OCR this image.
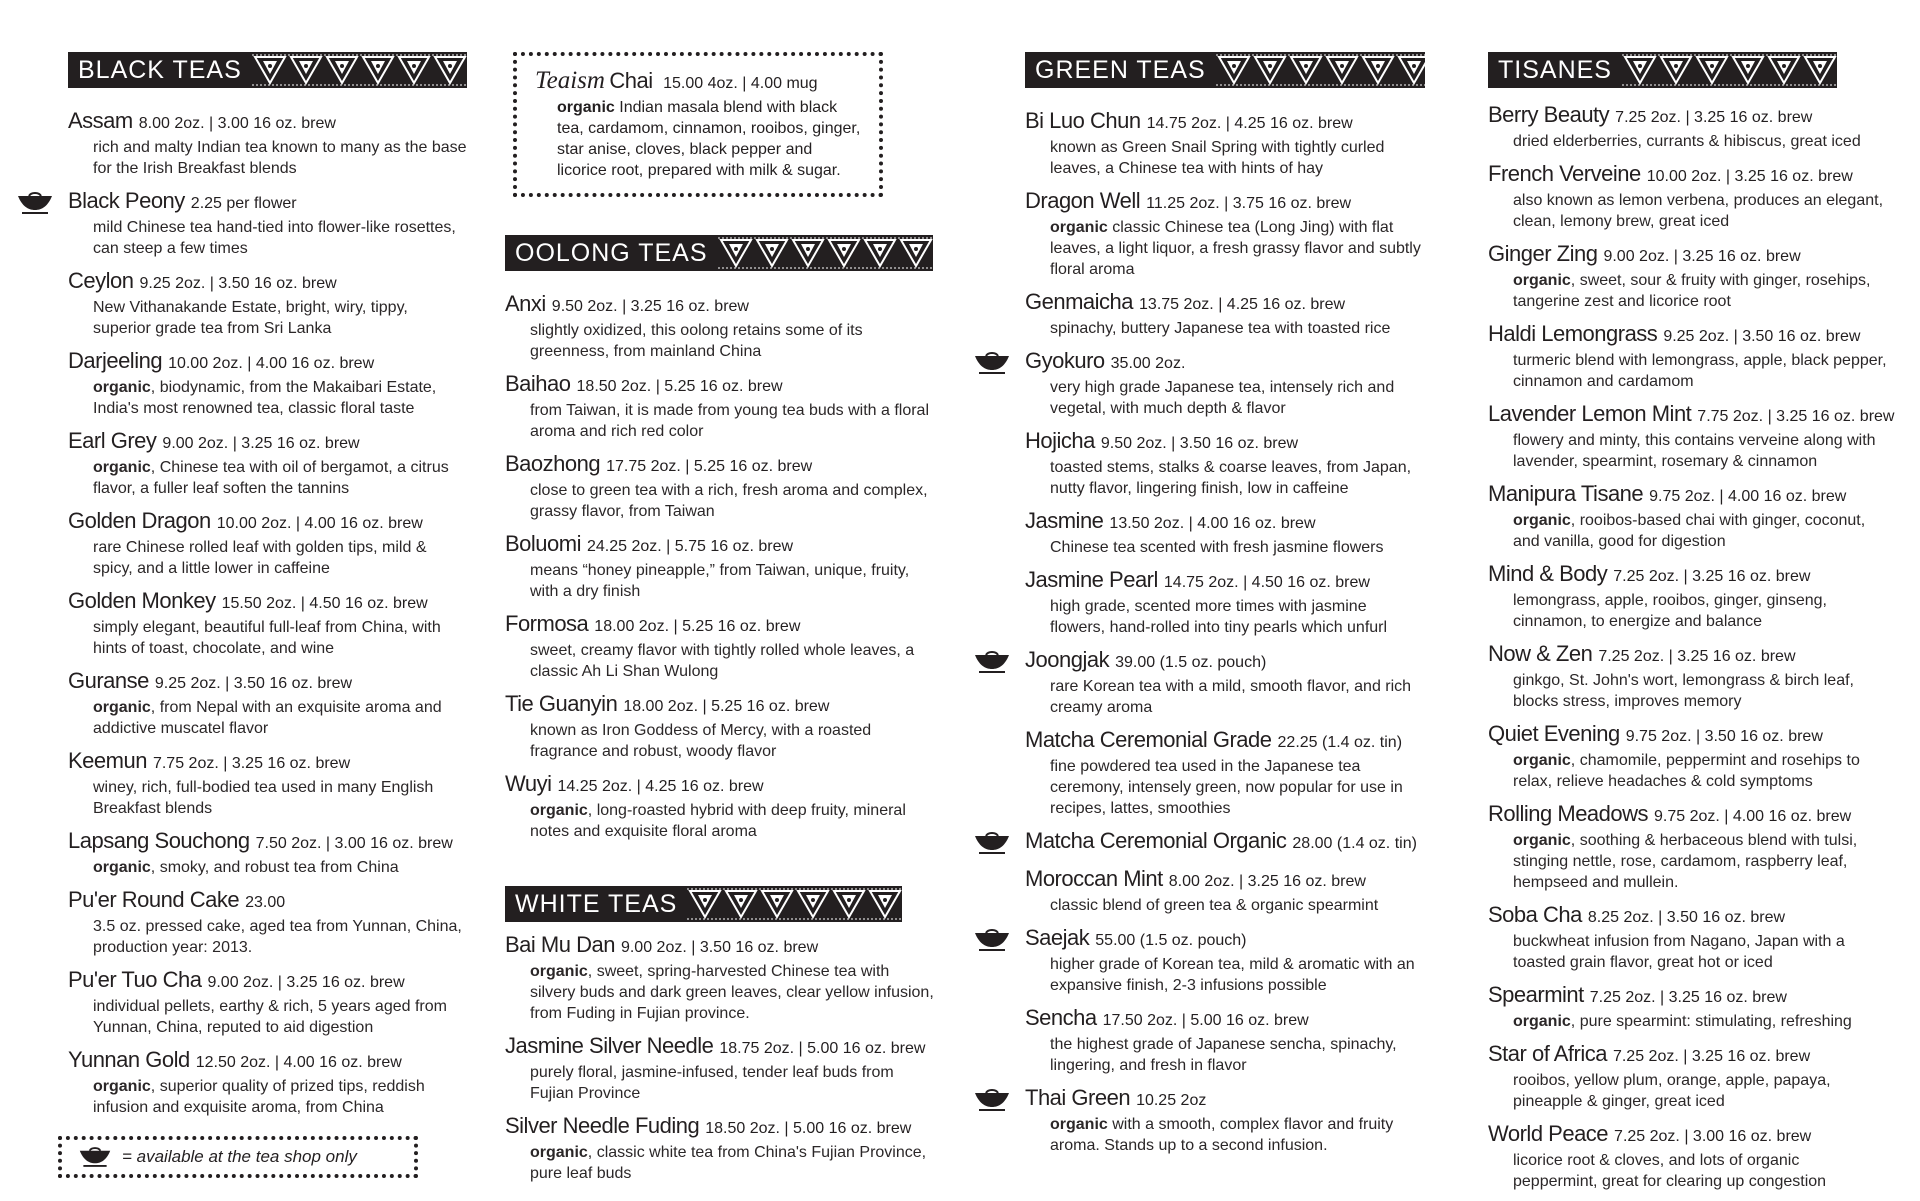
BLACK TEAS
Assam 8.00 2oz. | 3.00 16 oz. brew
rich and malty Indian tea known to many as the base for the Irish Breakfast blends
Black Peony 2.25 per flower
mild Chinese tea hand-tied into flower-like rosettes, can steep a few times
Ceylon 9.25 2oz. | 3.50 16 oz. brew
New Vithanakande Estate, bright, wiry, tippy, superior grade tea from Sri Lanka
Darjeeling 10.00 2oz. | 4.00 16 oz. brew
organic, biodynamic, from the Makaibari Estate, India's most renowned tea, classic floral taste
Earl Grey 9.00 2oz. | 3.25 16 oz. brew
organic, Chinese tea with oil of bergamot, a citrus flavor, a fuller leaf soften the tannins
Golden Dragon 10.00 2oz. | 4.00 16 oz. brew
rare Chinese rolled leaf with golden tips, mild & spicy, and a little lower in caffeine
Golden Monkey 15.50 2oz. | 4.50 16 oz. brew
simply elegant, beautiful full-leaf from China, with hints of toast, chocolate, and wine
Guranse 9.25 2oz. | 3.50 16 oz. brew
organic, from Nepal with an exquisite aroma and addictive muscatel flavor
Keemun 7.75 2oz. | 3.25 16 oz. brew
winey, rich, full-bodied tea used in many English Breakfast blends
Lapsang Souchong 7.50 2oz. | 3.00 16 oz. brew
organic, smoky, and robust tea from China
Pu'er Round Cake 23.00
3.5 oz. pressed cake, aged tea from Yunnan, China, production year: 2013.
Pu'er Tuo Cha 9.00 2oz. | 3.25 16 oz. brew
individual pellets, earthy & rich, 5 years aged from Yunnan, China, reputed to aid digestion
Yunnan Gold 12.50 2oz. | 4.00 16 oz. brew
organic, superior quality of prized tips, reddish infusion and exquisite aroma, from China
= available at the tea shop only
Teaism Chai 15.00 4oz. | 4.00 mug
organic Indian masala blend with black tea, cardamom, cinnamon, rooibos, ginger, star anise, cloves, black pepper and licorice root, prepared with milk & sugar.
OOLONG TEAS
Anxi 9.50 2oz. | 3.25 16 oz. brew
slightly oxidized, this oolong retains some of its greenness, from mainland China
Baihao 18.50 2oz. | 5.25 16 oz. brew
from Taiwan, it is made from young tea buds with a floral aroma and rich red color
Baozhong 17.75 2oz. | 5.25 16 oz. brew
close to green tea with a rich, fresh aroma and complex, grassy flavor, from Taiwan
Boluomi 24.25 2oz. | 5.75 16 oz. brew
means “honey pineapple,” from Taiwan, unique, fruity, with a dry finish
Formosa 18.00 2oz. | 5.25 16 oz. brew
sweet, creamy flavor with tightly rolled whole leaves, a classic Ah Li Shan Wulong
Tie Guanyin 18.00 2oz. | 5.25 16 oz. brew
known as Iron Goddess of Mercy, with a roasted fragrance and robust, woody flavor
Wuyi 14.25 2oz. | 4.25 16 oz. brew
organic, long-roasted hybrid with deep fruity, mineral notes and exquisite floral aroma
WHITE TEAS
Bai Mu Dan 9.00 2oz. | 3.50 16 oz. brew
organic, sweet, spring-harvested Chinese tea with silvery buds and dark green leaves, clear yellow infusion, from Fuding in Fujian province.
Jasmine Silver Needle 18.75 2oz. | 5.00 16 oz. brew
purely floral, jasmine-infused, tender leaf buds from Fujian Province
Silver Needle Fuding 18.50 2oz. | 5.00 16 oz. brew
organic, classic white tea from China's Fujian Province, pure leaf buds
GREEN TEAS
Bi Luo Chun 14.75 2oz. | 4.25 16 oz. brew
known as Green Snail Spring with tightly curled leaves, a Chinese tea with hints of hay
Dragon Well 11.25 2oz. | 3.75 16 oz. brew
organic classic Chinese tea (Long Jing) with flat leaves, a light liquor, a fresh grassy flavor and subtly floral aroma
Genmaicha 13.75 2oz. | 4.25 16 oz. brew
spinachy, buttery Japanese tea with toasted rice
Gyokuro 35.00 2oz.
very high grade Japanese tea, intensely rich and vegetal, with much depth & flavor
Hojicha 9.50 2oz. | 3.50 16 oz. brew
toasted stems, stalks & coarse leaves, from Japan, nutty flavor, lingering finish, low in caffeine
Jasmine 13.50 2oz. | 4.00 16 oz. brew
Chinese tea scented with fresh jasmine flowers
Jasmine Pearl 14.75 2oz. | 4.50 16 oz. brew
high grade, scented more times with jasmine flowers, hand-rolled into tiny pearls which unfurl
Joongjak 39.00 (1.5 oz. pouch)
rare Korean tea with a mild, smooth flavor, and rich creamy aroma
Matcha Ceremonial Grade 22.25 (1.4 oz. tin)
fine powdered tea used in the Japanese tea ceremony, intensely green, now popular for use in recipes, lattes, smoothies
Matcha Ceremonial Organic 28.00 (1.4 oz. tin)
Moroccan Mint 8.00 2oz. | 3.25 16 oz. brew
classic blend of green tea & organic spearmint
Saejak 55.00 (1.5 oz. pouch)
higher grade of Korean tea, mild & aromatic with an expansive finish, 2-3 infusions possible
Sencha 17.50 2oz. | 5.00 16 oz. brew
the highest grade of Japanese sencha, spinachy, lingering, and fresh in flavor
Thai Green 10.25 2oz
organic with a smooth, complex flavor and fruity aroma. Stands up to a second infusion.
TISANES
Berry Beauty 7.25 2oz. | 3.25 16 oz. brew
dried elderberries, currants & hibiscus, great iced
French Verveine 10.00 2oz. | 3.25 16 oz. brew
also known as lemon verbena, produces an elegant, clean, lemony brew, great iced
Ginger Zing 9.00 2oz. | 3.25 16 oz. brew
organic, sweet, sour & fruity with ginger, rosehips, tangerine zest and licorice root
Haldi Lemongrass 9.25 2oz. | 3.50 16 oz. brew
turmeric blend with lemongrass, apple, black pepper, cinnamon and cardamom
Lavender Lemon Mint 7.75 2oz. | 3.25 16 oz. brew
flowery and minty, this contains verveine along with lavender, spearmint, rosemary & cinnamon
Manipura Tisane 9.75 2oz. | 4.00 16 oz. brew
organic, rooibos-based chai with ginger, coconut, and vanilla, good for digestion
Mind & Body 7.25 2oz. | 3.25 16 oz. brew
lemongrass, apple, rooibos, ginger, ginseng, cinnamon, to energize and balance
Now & Zen 7.25 2oz. | 3.25 16 oz. brew
ginkgo, St. John's wort, lemongrass & birch leaf, blocks stress, improves memory
Quiet Evening 9.75 2oz. | 3.50 16 oz. brew
organic, chamomile, peppermint and rosehips to relax, relieve headaches & cold symptoms
Rolling Meadows 9.75 2oz. | 4.00 16 oz. brew
organic, soothing & herbaceous blend with tulsi, stinging nettle, rose, cardamom, raspberry leaf, hempseed and mullein.
Soba Cha 8.25 2oz. | 3.50 16 oz. brew
buckwheat infusion from Nagano, Japan with a toasted grain flavor, great hot or iced
Spearmint 7.25 2oz. | 3.25 16 oz. brew
organic, pure spearmint: stimulating, refreshing
Star of Africa 7.25 2oz. | 3.25 16 oz. brew
rooibos, yellow plum, orange, apple, papaya, pineapple & ginger, great iced
World Peace 7.25 2oz. | 3.00 16 oz. brew
licorice root & cloves, and lots of organic peppermint, great for clearing up congestion
